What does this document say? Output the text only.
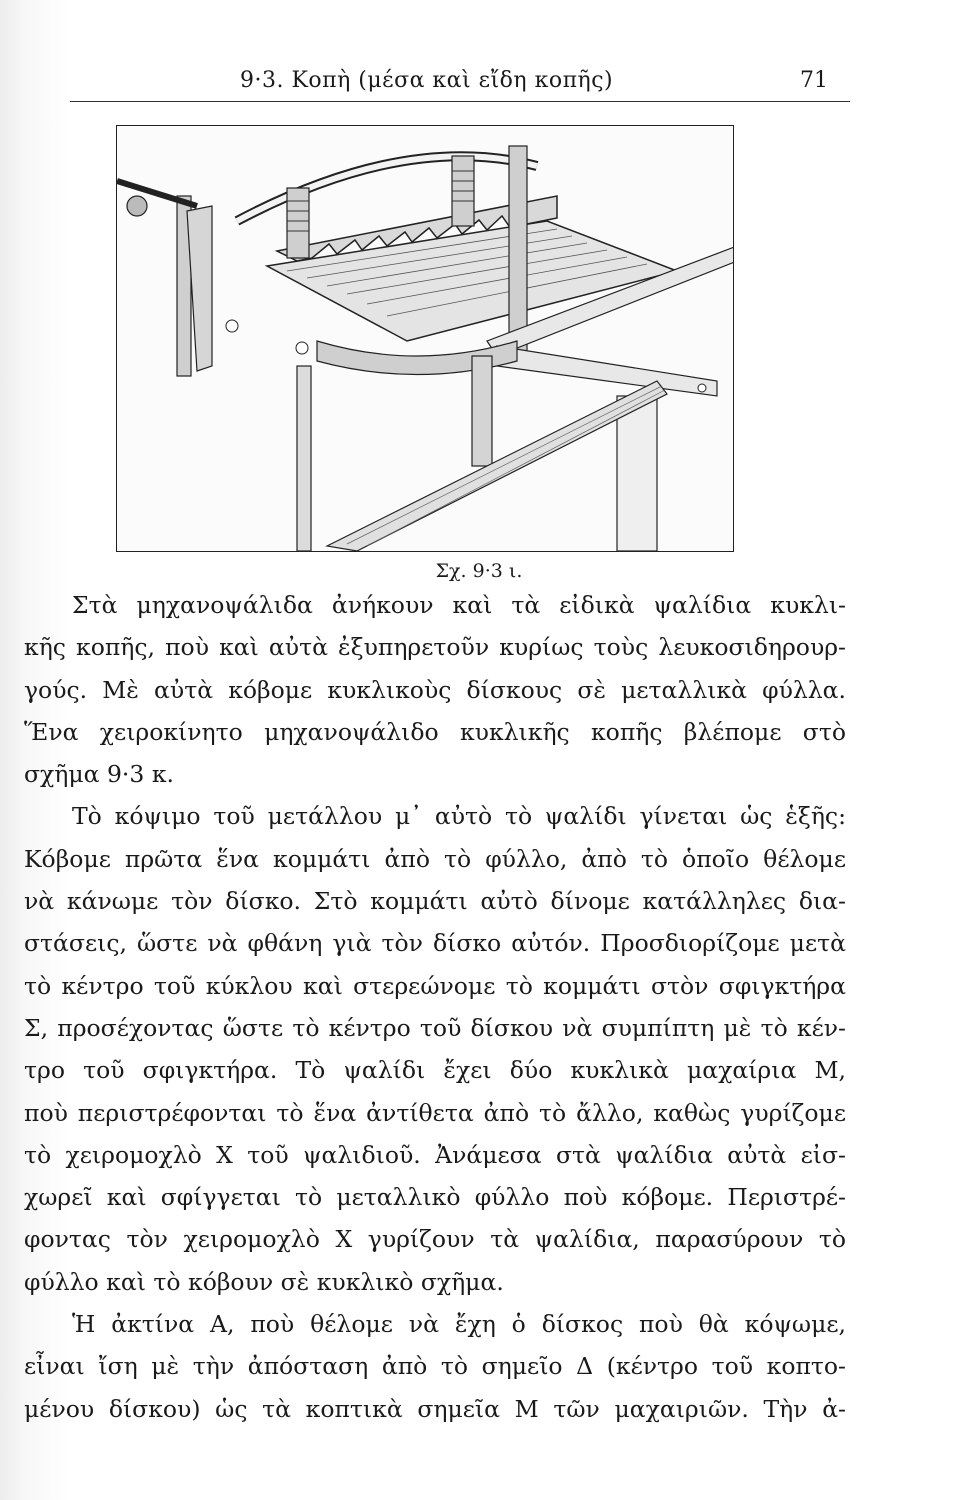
9·3. Κοπὴ (μέσα καὶ εἴδη κοπῆς)	71
Σχ. 9·3 ι.
Στὰ μηχανοψάλιδα ἀνήκουν καὶ τὰ εἰδικὰ ψαλίδια κυκλι-
κῆς κοπῆς, ποὺ καὶ αὐτὰ ἐξυπηρετοῦν κυρίως τοὺς λευκοσιδηρουρ-
γούς. Μὲ αὐτὰ κόβομε κυκλικοὺς δίσκους σὲ μεταλλικὰ φύλλα.
Ἕνα χειροκίνητο μηχανοψάλιδο κυκλικῆς κοπῆς βλέπομε στὸ
σχῆμα 9·3 κ.
Τὸ κόψιμο τοῦ μετάλλου μ᾽ αὐτὸ τὸ ψαλίδι γίνεται ὡς ἑξῆς:
Κόβομε πρῶτα ἕνα κομμάτι ἀπὸ τὸ φύλλο, ἀπὸ τὸ ὁποῖο θέλομε
νὰ κάνωμε τὸν δίσκο. Στὸ κομμάτι αὐτὸ δίνομε κατάλληλες δια-
στάσεις, ὥστε νὰ φθάνη γιὰ τὸν δίσκο αὐτόν. Προσδιορίζομε μετὰ
τὸ κέντρο τοῦ κύκλου καὶ στερεώνομε τὸ κομμάτι στὸν σφιγκτήρα
Σ, προσέχοντας ὥστε τὸ κέντρο τοῦ δίσκου νὰ συμπίπτη μὲ τὸ κέν-
τρο τοῦ σφιγκτήρα. Τὸ ψαλίδι ἔχει δύο κυκλικὰ μαχαίρια Μ,
ποὺ περιστρέφονται τὸ ἕνα ἀντίθετα ἀπὸ τὸ ἄλλο, καθὼς γυρίζομε
τὸ χειρομοχλὸ Χ τοῦ ψαλιδιοῦ. Ἀνάμεσα στὰ ψαλίδια αὐτὰ εἰσ-
χωρεῖ καὶ σφίγγεται τὸ μεταλλικὸ φύλλο ποὺ κόβομε. Περιστρέ-
φοντας τὸν χειρομοχλὸ Χ γυρίζουν τὰ ψαλίδια, παρασύρουν τὸ
φύλλο καὶ τὸ κόβουν σὲ κυκλικὸ σχῆμα.
Ἡ ἀκτίνα Α, ποὺ θέλομε νὰ ἔχη ὁ δίσκος ποὺ θὰ κόψωμε,
εἶναι ἴση μὲ τὴν ἀπόσταση ἀπὸ τὸ σημεῖο Δ (κέντρο τοῦ κοπτο-
μένου δίσκου) ὡς τὰ κοπτικὰ σημεῖα Μ τῶν μαχαιριῶν. Τὴν ἀ-
